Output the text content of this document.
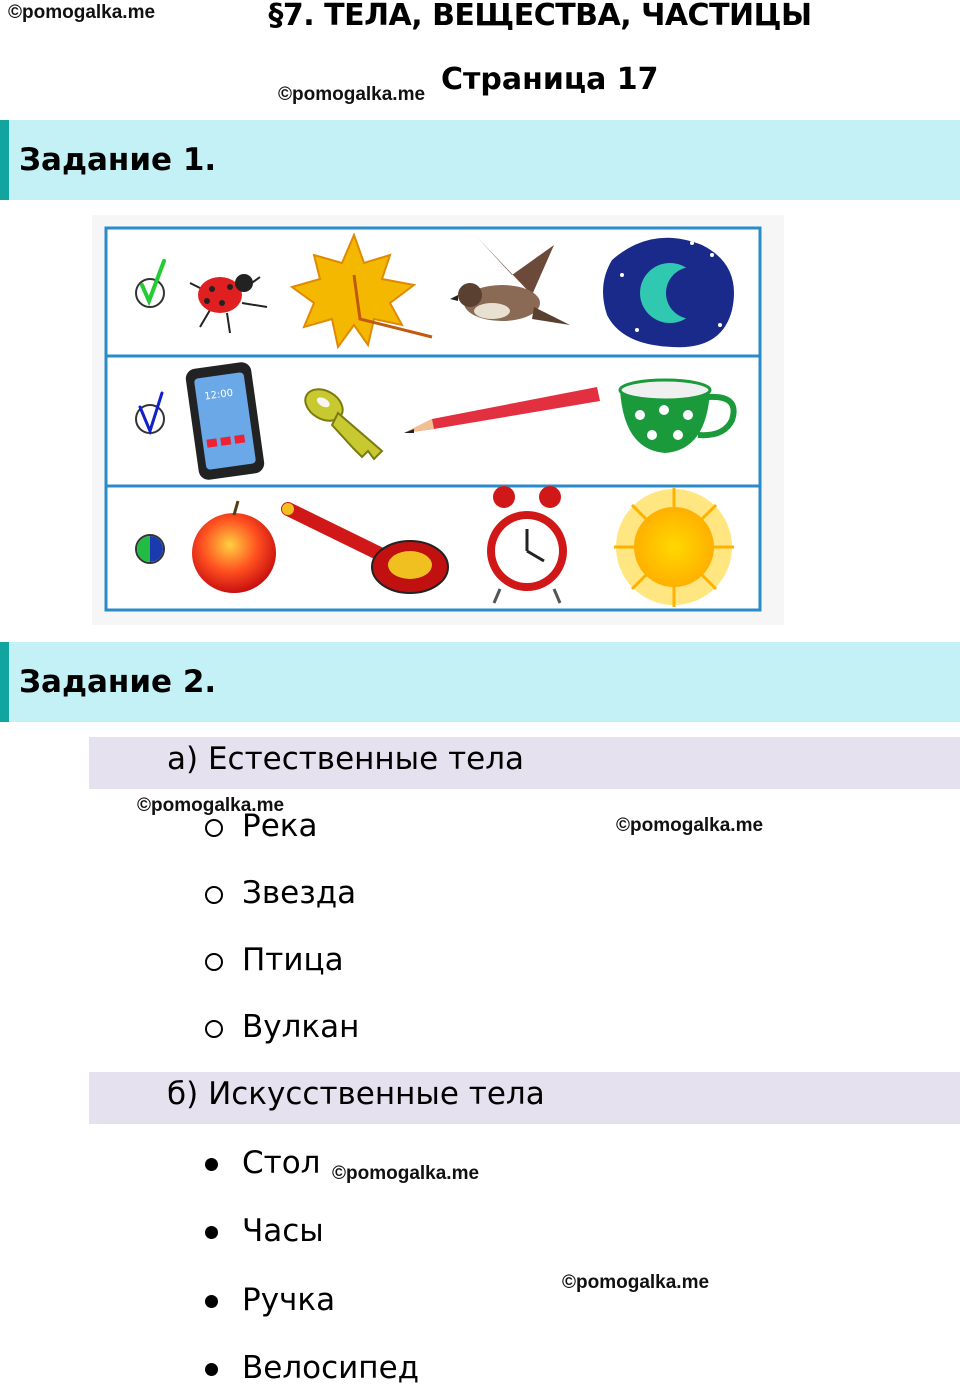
©pomogalka.me
©pomogalka.me
©pomogalka.me
©pomogalka.me
©pomogalka.me
©pomogalka.me
§7. ТЕЛА, ВЕЩЕСТВА, ЧАСТИЦЫ
Страница 17
Задание 1.
12:00
Задание 2.
а) Естественные тела
Река
Звезда
Птица
Вулкан
б) Искусственные тела
Стол
Часы
Ручка
Велосипед
